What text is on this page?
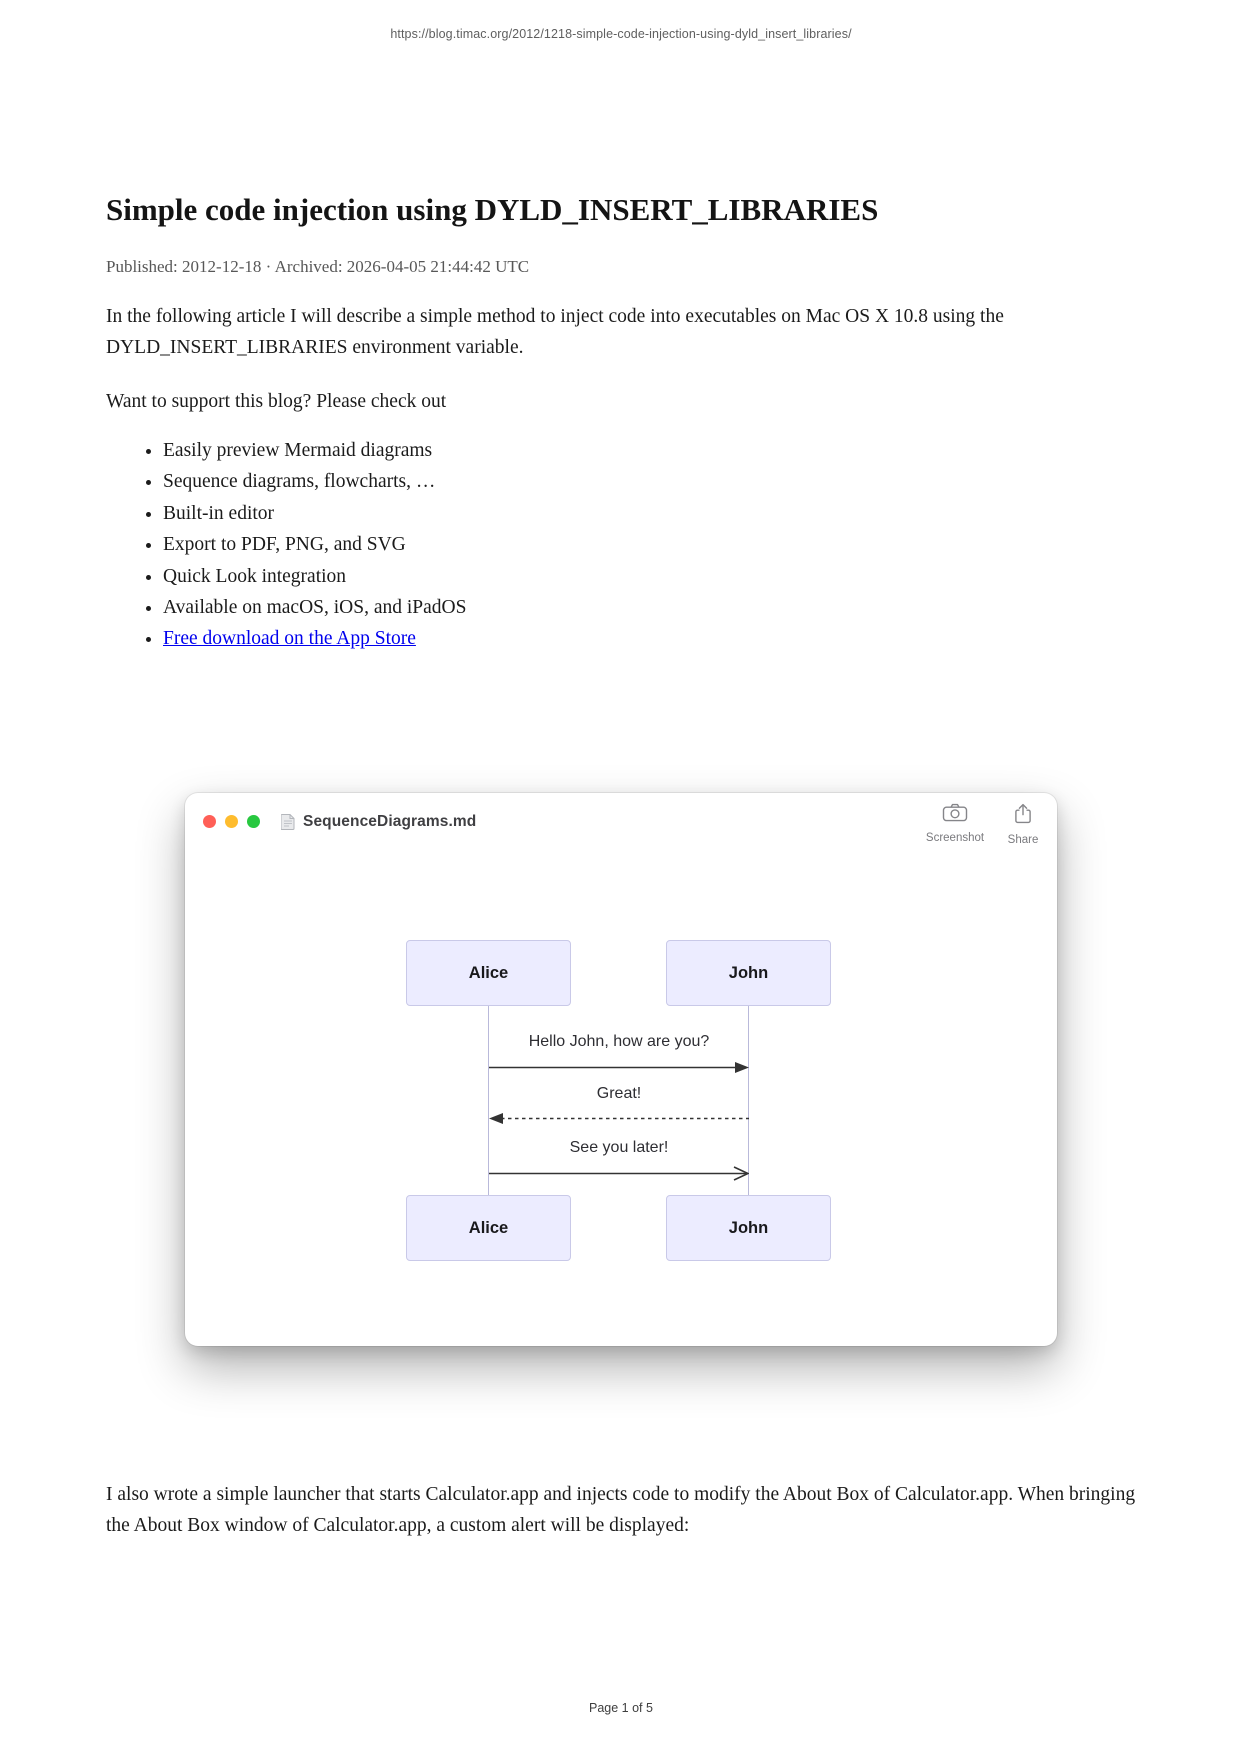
https://blog.timac.org/2012/1218-simple-code-injection-using-dyld_insert_libraries/
Simple code injection using DYLD_INSERT_LIBRARIES
Published: 2012-12-18 · Archived: 2026-04-05 21:44:42 UTC

In the following article I will describe a simple method to inject code into executables on Mac OS X 10.8 using the DYLD_INSERT_LIBRARIES environment variable.

Want to support this blog? Please check out

• Easily preview Mermaid diagrams
• Sequence diagrams, flowcharts, …
• Built-in editor
• Export to PDF, PNG, and SVG
• Quick Look integration
• Available on macOS, iOS, and iPadOS
• Free download on the App Store
SequenceDiagrams.md
Screenshot Share
Alice	John
Alice	John
Hello John, how are you?
Great!
See you later!

I also wrote a simple launcher that starts Calculator.app and injects code to modify the About Box of Calculator.app. When bringing the About Box window of Calculator.app, a custom alert will be displayed:

Page 1 of 5
